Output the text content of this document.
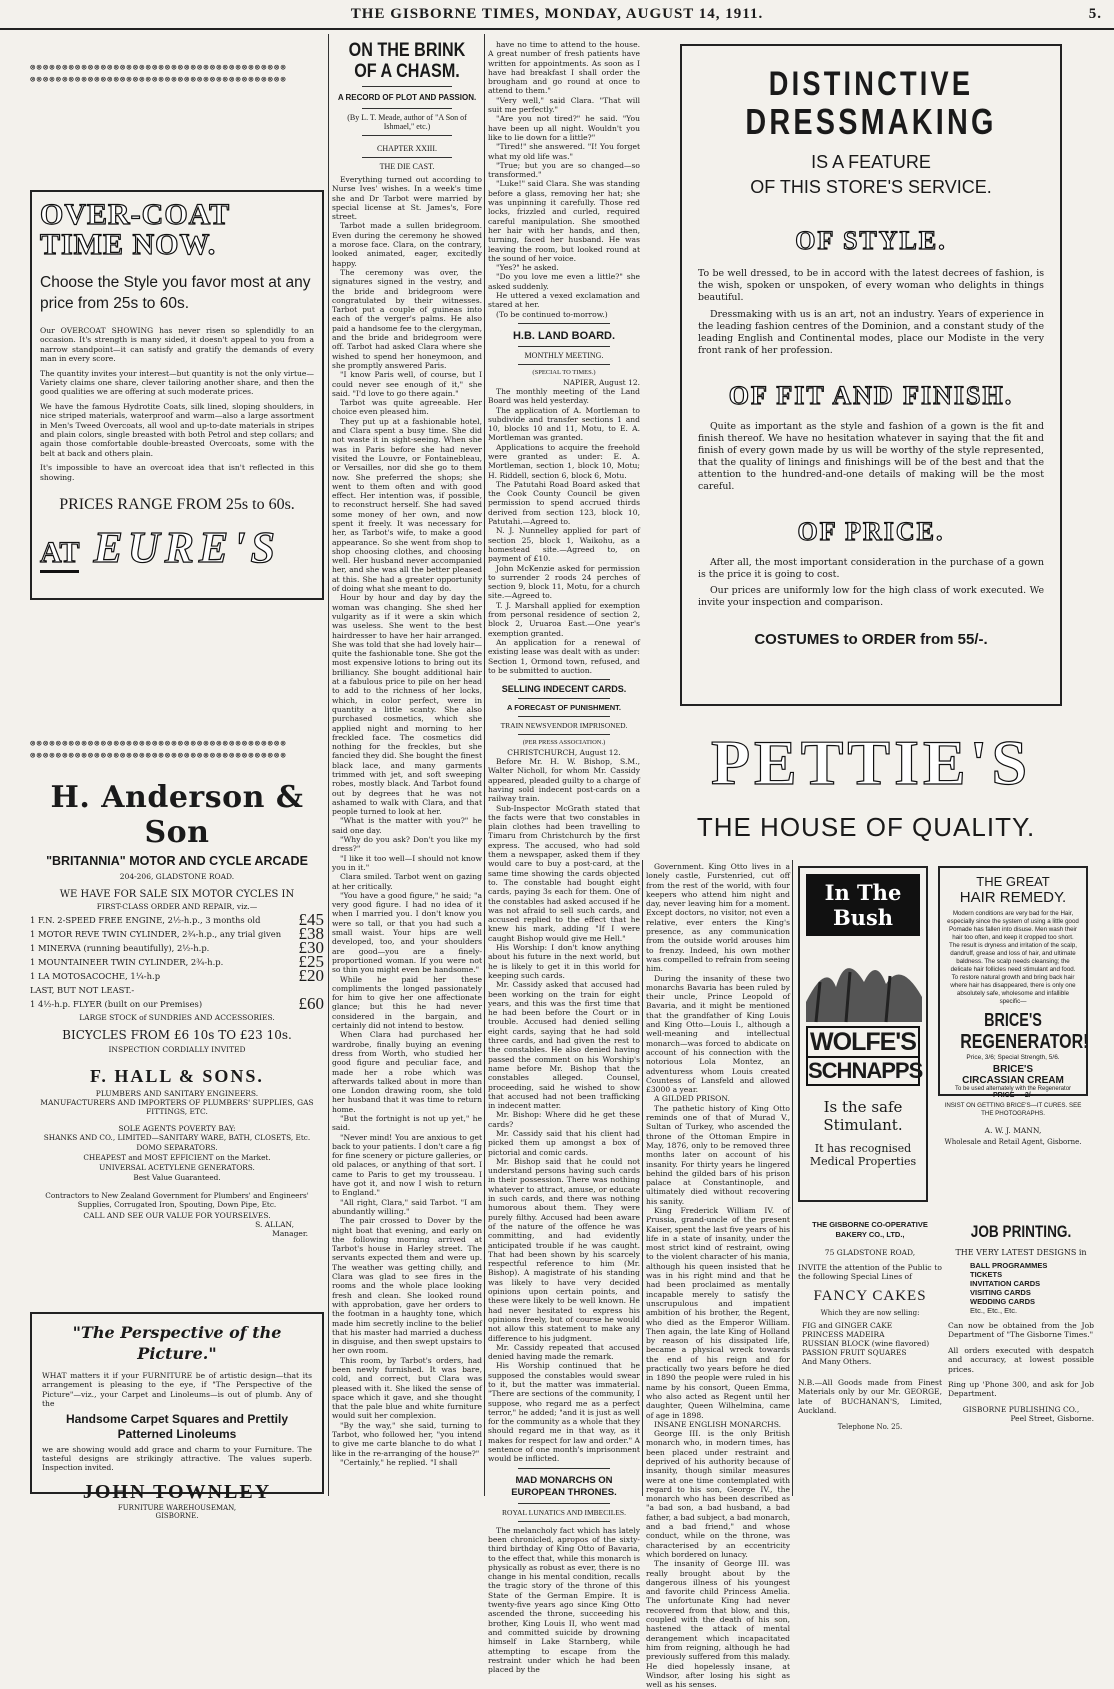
THE GISBORNE TIMES, MONDAY, AUGUST 14, 1911.	5.
⊗⊗⊗⊗⊗⊗⊗⊗⊗⊗⊗⊗⊗⊗⊗⊗⊗⊗⊗⊗⊗⊗⊗⊗⊗⊗⊗⊗⊗⊗⊗⊗⊗⊗⊗⊗⊗⊗⊗⊗
⊗⊗⊗⊗⊗⊗⊗⊗⊗⊗⊗⊗⊗⊗⊗⊗⊗⊗⊗⊗⊗⊗⊗⊗⊗⊗⊗⊗⊗⊗⊗⊗⊗⊗⊗⊗⊗⊗⊗⊗
⊗⊗⊗⊗⊗⊗⊗⊗⊗⊗⊗⊗⊗⊗⊗⊗⊗⊗⊗⊗⊗⊗⊗⊗⊗⊗⊗⊗⊗⊗⊗⊗⊗⊗⊗⊗⊗⊗⊗⊗
⊗⊗⊗⊗⊗⊗⊗⊗⊗⊗⊗⊗⊗⊗⊗⊗⊗⊗⊗⊗⊗⊗⊗⊗⊗⊗⊗⊗⊗⊗⊗⊗⊗⊗⊗⊗⊗⊗⊗⊗
OVER-COAT TIME NOW.
Choose the Style you favor most at any price from 25s to 60s.

Our OVERCOAT SHOWING has never risen so splendidly to an occasion. It's strength is many sided, it doesn't appeal to you from a narrow standpoint—it can satisfy and gratify the demands of every man in every score.

The quantity invites your interest—but quantity is not the only virtue—Variety claims one share, clever tailoring another share, and then the good qualities we are offering at such moderate prices.

We have the famous Hydrotite Coats, silk lined, sloping shoulders, in nice striped materials, waterproof and warm—also a large assortment in Men's Tweed Overcoats, all wool and up-to-date materials in stripes and plain colors, single breasted with both Petrol and step collars; and again those comfortable double-breasted Overcoats, some with the belt at back and others plain.

It's impossible to have an overcoat idea that isn't reflected in this showing.

PRICES RANGE FROM 25s to 60s.
AT EURE'S
H. Anderson & Son
"BRITANNIA" MOTOR AND CYCLE ARCADE
204-206, GLADSTONE ROAD.
WE HAVE FOR SALE SIX MOTOR CYCLES IN
FIRST-CLASS ORDER AND REPAIR, viz.—
1 F.N. 2-SPEED FREE ENGINE, 2½-h.p., 3 months old £45
1 MOTOR REVE TWIN CYLINDER, 2¾-h.p., any trial given £38
1 MINERVA (running beautifully), 2½-h.p.	£30
1 MOUNTAINEER TWIN CYLINDER, 2¾-h.p.	£25
1 LA MOTOSACOCHE, 1¼-h.p	£20
LAST, BUT NOT LEAST.-
1 4½-h.p. FLYER (built on our Premises)	£60
LARGE STOCK of SUNDRIES AND ACCESSORIES.
BICYCLES FROM £6 10s TO £23 10s.
INSPECTION CORDIALLY INVITED
F. HALL & SONS.
PLUMBERS AND SANITARY ENGINEERS.
MANUFACTURERS AND IMPORTERS OF PLUMBERS' SUPPLIES, GAS FITTINGS, ETC.
SOLE AGENTS POVERTY BAY:
SHANKS AND CO., LIMITED—SANITARY WARE, BATH, CLOSETS, Etc.
DOMO SEPARATORS.
CHEAPEST and MOST EFFICIENT on the Market.
UNIVERSAL ACETYLENE GENERATORS.
Best Value Guaranteed.
Contractors to New Zealand Government for Plumbers' and Engineers' Supplies, Corrugated Iron, Spouting, Down Pipe, Etc.
CALL AND SEE OUR VALUE FOR YOURSELVES.
S. ALLAN,
Manager.
"The Perspective of the Picture."
WHAT matters it if your FURNITURE be of artistic design—that its arrangement is pleasing to the eye, if "The Perspective of the Picture"—viz., your Carpet and Linoleums—is out of plumb. Any of the
Handsome Carpet Squares and Prettily Patterned Linoleums
we are showing would add grace and charm to your Furniture. The tasteful designs are strikingly attractive. The values superb. Inspection invited.
JOHN TOWNLEY
FURNITURE WAREHOUSEMAN,
GISBORNE.
ON THE BRINK OF A CHASM.
A RECORD OF PLOT AND PASSION.
(By L. T. Meade, author of "A Son of Ishmael," etc.)
CHAPTER XXIII.
THE DIE CAST.

Everything turned out according to Nurse Ives' wishes. In a week's time she and Dr Tarbot were married by special license at St. James's, Fore street.

Tarbot made a sullen bridegroom. Even during the ceremony he showed a morose face. Clara, on the contrary, looked animated, eager, excitedly happy.

The ceremony was over, the signatures signed in the vestry, and the bride and bridegroom were congratulated by their witnesses. Tarbot put a couple of guineas into each of the verger's palms. He also paid a handsome fee to the clergyman, and the bride and bridegroom were off. Tarbot had asked Clara where she wished to spend her honeymoon, and she promptly answered Paris.

"I know Paris well, of course, but I could never see enough of it," she said. "I'd love to go there again."

Tarbot was quite agreeable. Her choice even pleased him.

They put up at a fashionable hotel, and Clara spent a busy time. She did not waste it in sight-seeing. When she was in Paris before she had never visited the Louvre, or Fontainebleau, or Versailles, nor did she go to them now. She preferred the shops; she went to them often and with good effect. Her intention was, if possible, to reconstruct herself. She had saved some money of her own, and now spent it freely. It was necessary for her, as Tarbot's wife, to make a good appearance. So she went from shop to shop choosing clothes, and choosing well. Her husband never accompanied her, and she was all the better pleased at this. She had a greater opportunity of doing what she meant to do.

Hour by hour and day by day the woman was changing. She shed her vulgarity as if it were a skin which was useless. She went to the best hairdresser to have her hair arranged. She was told that she had lovely hair—quite the fashionable tone. She got the most expensive lotions to bring out its brilliancy. She bought additional hair at a fabulous price to pile on her head to add to the richness of her locks, which, in color perfect, were in quantity a little scanty. She also purchased cosmetics, which she applied night and morning to her freckled face. The cosmetics did nothing for the freckles, but she fancied they did. She bought the finest black lace, and many garments trimmed with jet, and soft sweeping robes, mostly black. And Tarbot found out by degrees that he was not ashamed to walk with Clara, and that people turned to look at her.

"What is the matter with you?" he said one day.

"Why do you ask? Don't you like my dress?"

"I like it too well—I should not know you in it."

Clara smiled. Tarbot went on gazing at her critically.

"You have a good figure," he said; "a very good figure. I had no idea of it when I married you. I don't know you were so tall, or that you had such a small waist. Your hips are well developed, too, and your shoulders are good—you are a finely-proportioned woman. If you were not so thin you might even be handsome."

While he paid her these compliments the longed passionately for him to give her one affectionate glance; but this he had never considered in the bargain, and certainly did not intend to bestow.

When Clara had purchased her wardrobe, finally buying an evening dress from Worth, who studied her good figure and peculiar face, and made her a robe which was afterwards talked about in more than one London drawing room, she told her husband that it was time to return home.

"But the fortnight is not up yet," he said.

"Never mind! You are anxious to get back to your patients. I don't care a fig for fine scenery or picture galleries, or old palaces, or anything of that sort. I came to Paris to get my trousseau. I have got it, and now I wish to return to England."

"All right, Clara," said Tarbot. "I am abundantly willing."

The pair crossed to Dover by the night boat that evening, and early on the following morning arrived at Tarbot's house in Harley street. The servants expected them and were up. The weather was getting chilly, and Clara was glad to see fires in the rooms and the whole place looking fresh and clean. She looked round with approbation, gave her orders to the footman in a haughty tone, which made him secretly incline to the belief that his master had married a duchess in disguise, and then swept upstairs to her own room.

This room, by Tarbot's orders, had been newly furnished. It was bare, cold, and correct, but Clara was pleased with it. She liked the sense of space which it gave, and she thought that the pale blue and white furniture would suit her complexion.

"By the way," she said, turning to Tarbot, who followed her, "you intend to give me carte blanche to do what I like in the re-arranging of the house?"

"Certainly," he replied. "I shall

have no time to attend to the house. A great number of fresh patients have written for appointments. As soon as I have had breakfast I shall order the brougham and go round at once to attend to them."

"Very well," said Clara. "That will suit me perfectly."

"Are you not tired?" he said. "You have been up all night. Wouldn't you like to lie down for a little?"

"Tired!" she answered. "I! You forget what my old life was."

"True; but you are so changed—so transformed."

"Luke!" said Clara. She was standing before a glass, removing her hat; she was unpinning it carefully. Those red locks, frizzled and curled, required careful manipulation. She smoothed her hair with her hands, and then, turning, faced her husband. He was leaving the room, but looked round at the sound of her voice.

"Yes?" he asked.

"Do you love me even a little?" she asked suddenly.

He uttered a vexed exclamation and stared at her.

(To be continued to-morrow.)

H.B. LAND BOARD.
MONTHLY MEETING.
(SPECIAL TO TIMES.)
NAPIER, August 12.

The monthly meeting of the Land Board was held yesterday.

The application of A. Mortleman to subdivide and transfer sections 1 and 10, blocks 10 and 11, Motu, to E. A. Mortleman was granted.

Applications to acquire the freehold were granted as under: E. A. Mortleman, section 1, block 10, Motu; H. Riddell, section 6, block 6, Motu.

The Patutahi Road Board asked that the Cook County Council be given permission to spend accrued thirds derived from section 123, block 10, Patutahi.—Agreed to.

N. J. Nunnelley applied for part of section 25, block 1, Waikohu, as a homestead site.—Agreed to, on payment of £10.

John McKenzie asked for permission to surrender 2 roods 24 perches of section 9, block 11, Motu, for a church site.—Agreed to.

T. J. Marshall applied for exemption from personal residence of section 2, block 2, Uruaroa East.—One year's exemption granted.

An application for a renewal of existing lease was dealt with as under: Section 1, Ormond town, refused, and to be submitted to auction.

SELLING INDECENT CARDS.
A FORECAST OF PUNISHMENT.
TRAIN NEWSVENDOR IMPRISONED.
(PER PRESS ASSOCIATION.)
CHRISTCHURCH, August 12.

Before Mr. H. W. Bishop, S.M., Walter Nicholl, for whom Mr. Cassidy appeared, pleaded guilty to a charge of having sold indecent post-cards on a railway train.

Sub-Inspector McGrath stated that the facts were that two constables in plain clothes had been travelling to Timaru from Christchurch by the first express. The accused, who had sold them a newspaper, asked them if they would care to buy a post-card, at the same time showing the cards objected to. The constable had bought eight cards, paying 3s each for them. One of the constables had asked accused if he was not afraid to sell such cards, and accused replied to the effect that he knew his mark, adding "If I were caught Bishop would give me Hell."

His Worship: I don't know anything about his future in the next world, but he is likely to get it in this world for keeping such cards.

Mr. Cassidy asked that accused had been working on the train for eight years, and this was the first time that he had been before the Court or in trouble. Accused had denied selling eight cards, saying that he had sold three cards, and had given the rest to the constables. He also denied having passed the comment on his Worship's name before Mr. Bishop that the constables alleged. Counsel, proceeding, said he wished to show that accused had not been trafficking in indecent matter.

Mr. Bishop: Where did he get these cards?

Mr. Cassidy said that his client had picked them up amongst a box of pictorial and comic cards.

Mr. Bishop said that he could not understand persons having such cards in their possession. There was nothing whatever to attract, amuse, or educate in such cards, and there was nothing humorous about them. They were purely filthy. Accused had been aware of the nature of the offence he was committing, and had evidently anticipated trouble if he was caught. That had been shown by his scarcely respectful reference to him (Mr. Bishop). A magistrate of his standing was likely to have very decided opinions upon certain points, and these were likely to be well known. He had never hesitated to express his opinions freely, but of course he would not allow this statement to make any difference to his judgment.

Mr. Cassidy repeated that accused denied having made the remark.

His Worship continued that he supposed the constables would swear to it, but the matter was immaterial. "There are sections of the community, I suppose, who regard me as a perfect terror," he added; "and it is just as well for the community as a whole that they should regard me in that way, as it makes for respect for law and order." A sentence of one month's imprisonment would be inflicted.

MAD MONARCHS ON EUROPEAN THRONES.
ROYAL LUNATICS AND IMBECILES.

The melancholy fact which has lately been chronicled, apropos of the sixty-third birthday of King Otto of Bavaria, to the effect that, while this monarch is physically as robust as ever, there is no change in his mental condition, recalls the tragic story of the throne of this State of the German Empire. It is twenty-five years ago since King Otto ascended the throne, succeeding his brother, King Louis II, who went mad and committed suicide by drowning himself in Lake Starnberg, while attempting to escape from the restraint under which he had been placed by the

DISTINCTIVE
DRESSMAKING
IS A FEATURE
OF THIS STORE'S SERVICE.
OF STYLE.
To be well dressed, to be in accord with the latest decrees of fashion, is the wish, spoken or unspoken, of every woman who delights in things beautiful.
Dressmaking with us is an art, not an industry. Years of experience in the leading fashion centres of the Dominion, and a constant study of the leading English and Continental modes, place our Modiste in the very front rank of her profession.
OF FIT AND FINISH.
Quite as important as the style and fashion of a gown is the fit and finish thereof. We have no hesitation whatever in saying that the fit and finish of every gown made by us will be worthy of the style represented, that the quality of linings and finishings will be of the best and that the attention to the hundred-and-one details of making will be the most careful.
OF PRICE.
After all, the most important consideration in the purchase of a gown is the price it is going to cost.
Our prices are uniformly low for the high class of work executed. We invite your inspection and comparison.
COSTUMES to ORDER from 55/-.
PETTIE'S
THE HOUSE OF QUALITY.

Government. King Otto lives in a lonely castle, Furstenried, cut off from the rest of the world, with four keepers who attend him night and day, never leaving him for a moment. Except doctors, no visitor, not even a relative, ever enters the King's presence, as any communication from the outside world arouses him to frenzy. Indeed, his own mother was compelled to refrain from seeing him.

During the insanity of these two monarchs Bavaria has been ruled by their uncle, Prince Leopold of Bavaria, and it might be mentioned that the grandfather of King Louis and King Otto—Louis I., although a well-meaning and intellectual monarch—was forced to abdicate on account of his connection with the notorious Lola Montez, an adventuress whom Louis created Countess of Lansfeld and allowed £3000 a year.

A GILDED PRISON.

The pathetic history of King Otto reminds one of that of Murad V., Sultan of Turkey, who ascended the throne of the Ottoman Empire in May, 1876, only to be removed three months later on account of his insanity. For thirty years he lingered behind the gilded bars of his prison palace at Constantinople, and ultimately died without recovering his sanity.

King Frederick William IV. of Prussia, grand-uncle of the present Kaiser, spent the last five years of his life in a state of insanity, under the most strict kind of restraint, owing to the violent character of his mania, although his queen insisted that he was in his right mind and that he had been proclaimed as mentally incapable merely to satisfy the unscrupulous and impatient ambition of his brother, the Regent, who died as the Emperor William. Then again, the late King of Holland by reason of his dissipated life, became a physical wreck towards the end of his reign and for practically two years before he died in 1890 the people were ruled in his name by his consort, Queen Emma, who also acted as Regent until her daughter, Queen Wilhelmina, came of age in 1898.

INSANE ENGLISH MONARCHS.

George III. is the only British monarch who, in modern times, has been placed under restraint and deprived of his authority because of insanity, though similar measures were at one time contemplated with regard to his son, George IV., the monarch who has been described as "a bad son, a bad husband, a bad father, a bad subject, a bad monarch, and a bad friend," and whose conduct, while on the throne, was characterised by an eccentricity which bordered on lunacy.

The insanity of George III. was really brought about by the dangerous illness of his youngest and favorite child Princess Amelia. The unfortunate King had never recovered from that blow, and this, coupled with the death of his son, hastened the attack of mental derangement which incapacitated him from reigning, although he had previously suffered from this malady. He died hopelessly insane, at Windsor, after losing his sight as well as his senses.

In The Bush
WOLFE'S
SCHNAPPS
Is the safe
Stimulant.
It has recognised
Medical Properties
THE GREAT
HAIR REMEDY.
Modern conditions are very bad for the Hair, especially since the system of using a little good Pomade has fallen into disuse. Men wash their hair too often, and keep it cropped too short. The result is dryness and irritation of the scalp, dandruff, grease and loss of hair, and ultimate baldness. The scalp needs cleansing; the delicate hair follicles need stimulant and food. To restore natural growth and bring back hair where hair has disappeared, there is only one absolutely safe, wholesome and infallible specific—
BRICE'S
REGENERATOR!
Price, 3/6; Special Strength, 5/6.
BRICE'S
CIRCASSIAN CREAM
To be used alternately with the Regenerator
PRICE - - 2/-
INSIST ON GETTING BRICE'S—IT CURES. SEE THE PHOTOGRAPHS.
A. W. J. MANN,
Wholesale and Retail Agent, Gisborne.
THE GISBORNE CO-OPERATIVE BAKERY CO., LTD.,
75 GLADSTONE ROAD,
INVITE the attention of the Public to the following Special Lines of
FANCY CAKES
Which they are now selling:
FIG and GINGER CAKE
PRINCESS MADEIRA
RUSSIAN BLOCK (wine flavored)
PASSION FRUIT SQUARES
And Many Others.
N.B.—All Goods made from Finest Materials only by our Mr. GEORGE, late of BUCHANAN'S, Limited, Auckland.
Telephone No. 25.
JOB PRINTING.
THE VERY LATEST DESIGNS in
BALL PROGRAMMES
TICKETS
INVITATION CARDS
VISITING CARDS
WEDDING CARDS
Etc., Etc., Etc.
Can now be obtained from the Job Department of "The Gisborne Times."
All orders executed with despatch and accuracy, at lowest possible prices.
Ring up 'Phone 300, and ask for Job Department.
GISBORNE PUBLISHING CO.,
Peel Street, Gisborne.
